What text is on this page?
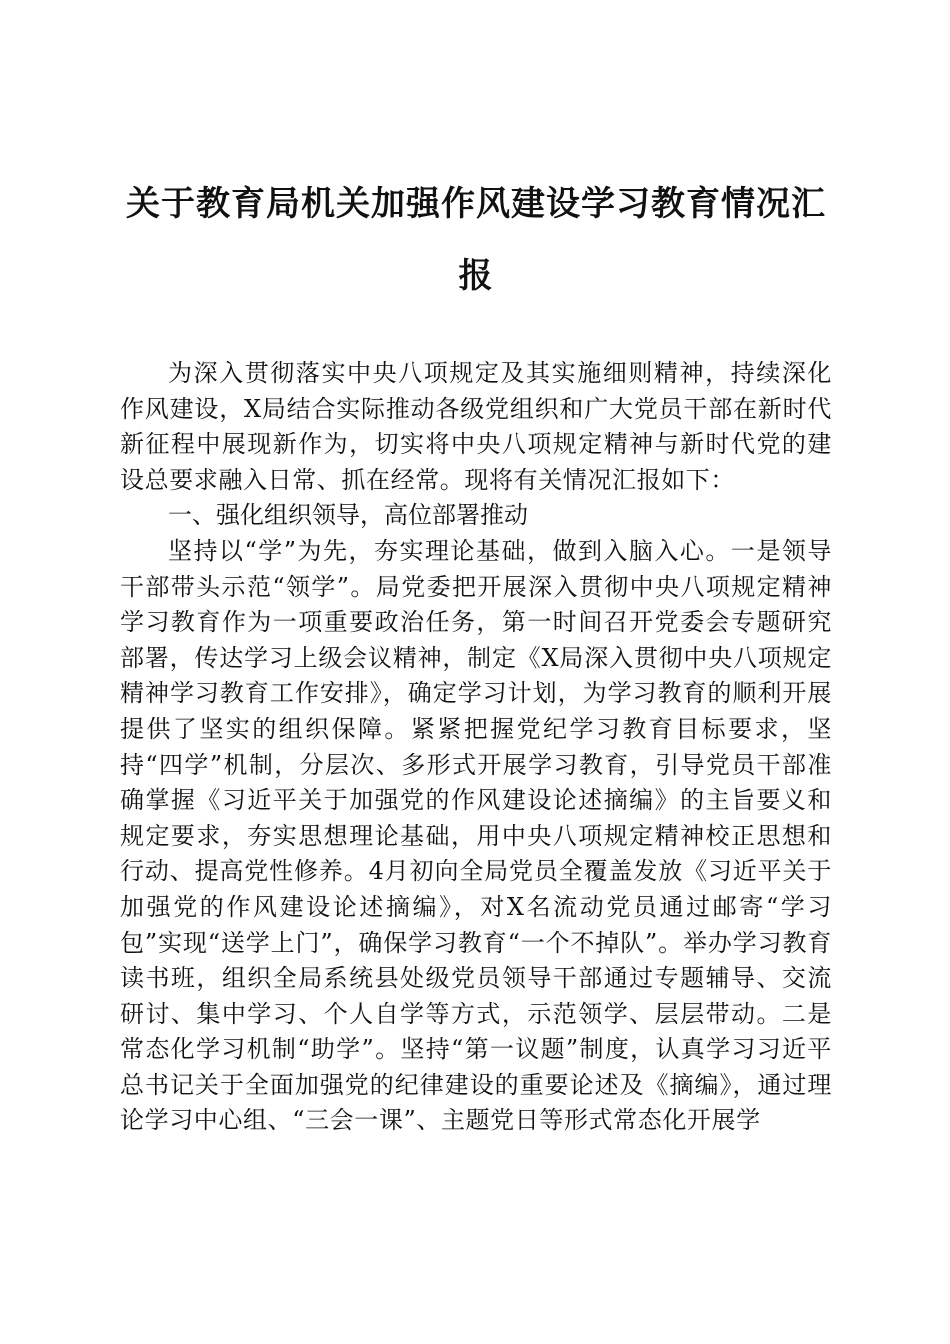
关于教育局机关加强作风建设学习教育情况汇报

为深入贯彻落实中央八项规定及其实施细则精神，持续深化作风建设，X局结合实际推动各级党组织和广大党员干部在新时代新征程中展现新作为，切实将中央八项规定精神与新时代党的建设总要求融入日常、抓在经常。现将有关情况汇报如下：

一、强化组织领导，高位部署推动

坚持以“学”为先，夯实理论基础，做到入脑入心。一是领导干部带头示范“领学”。局党委把开展深入贯彻中央八项规定精神学习教育作为一项重要政治任务，第一时间召开党委会专题研究部署，传达学习上级会议精神，制定《X局深入贯彻中央八项规定精神学习教育工作安排》，确定学习计划，为学习教育的顺利开展提供了坚实的组织保障。紧紧把握党纪学习教育目标要求，坚持“四学”机制，分层次、多形式开展学习教育，引导党员干部准确掌握《习近平关于加强党的作风建设论述摘编》的主旨要义和规定要求，夯实思想理论基础，用中央八项规定精神校正思想和行动、提高党性修养。4月初向全局党员全覆盖发放《习近平关于加强党的作风建设论述摘编》，对X名流动党员通过邮寄“学习包”实现“送学上门”，确保学习教育“一个不掉队”。举办学习教育读书班，组织全局系统县处级党员领导干部通过专题辅导、交流研讨、集中学习、个人自学等方式，示范领学、层层带动。二是常态化学习机制“助学”。坚持“第一议题”制度，认真学习习近平总书记关于全面加强党的纪律建设的重要论述及《摘编》，通过理论学习中心组、“三会一课”、主题党日等形式常态化开展学
